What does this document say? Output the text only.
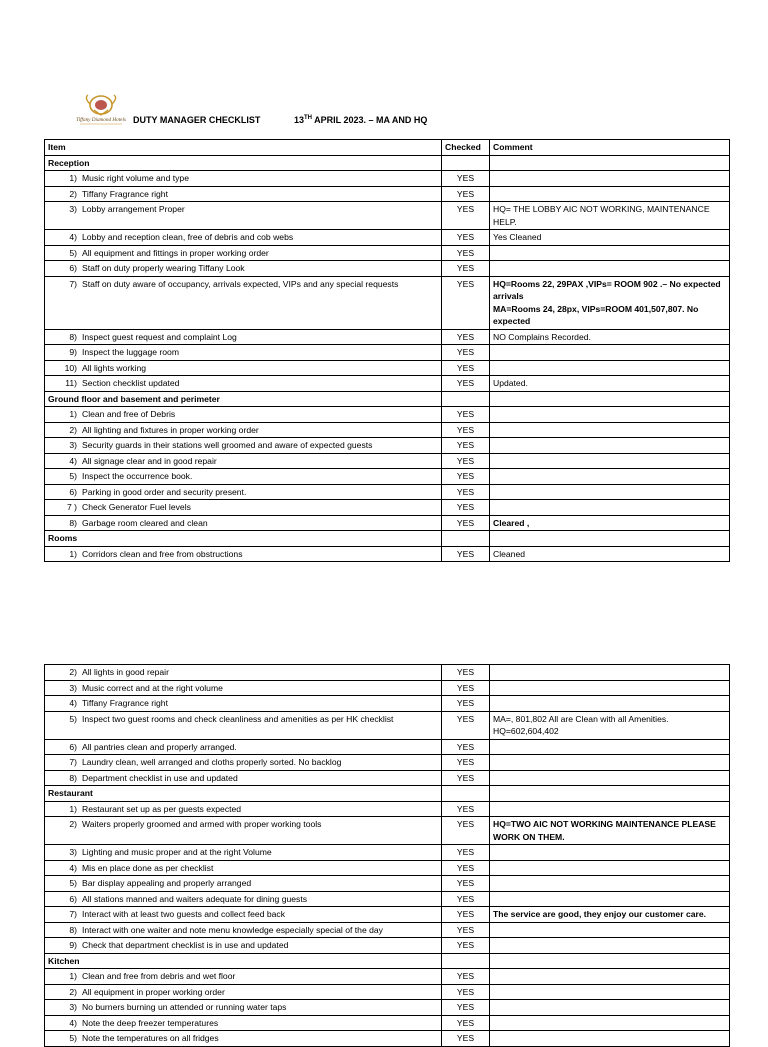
Tiffany Diamond Hotels DUTY MANAGER CHECKLIST	13TH APRIL 2023. – MA AND HQ
Item	Checked	Comment
Reception		
1) Music right volume and type	YES	
2) Tiffany Fragrance right	YES	
3) Lobby arrangement Proper	YES	HQ= THE LOBBY AIC NOT WORKING, MAINTENANCE HELP.
4) Lobby and reception clean, free of debris and cob webs	YES	Yes Cleaned
5) All equipment and fittings in proper working order	YES	
6) Staff on duty properly wearing Tiffany Look	YES	
7) Staff on duty aware of occupancy, arrivals expected, VIPs and any special requests	YES	HQ=Rooms 22, 29PAX ,VIPs= ROOM 902 .– No expected arrivals
MA=Rooms 24, 28px, VIPs=ROOM 401,507,807. No expected
8) Inspect guest request and complaint Log	YES	NO Complains Recorded.
9) Inspect the luggage room	YES	
10) All lights working	YES	
11) Section checklist updated	YES	Updated.
Ground floor and basement and perimeter		
1) Clean and free of Debris	YES	
2) All lighting and fixtures in proper working order	YES	
3) Security guards in their stations well groomed and aware of expected guests	YES	
4) All signage clear and in good repair	YES	
5) Inspect the occurrence book.	YES	
6) Parking in good order and security present.	YES	
7 ) Check Generator Fuel levels	YES	
8) Garbage room cleared and clean	YES	Cleared ,
Rooms		
1) Corridors clean and free from obstructions	YES	Cleaned
2) All lights in good repair	YES	
3) Music correct and at the right volume	YES	
4) Tiffany Fragrance right	YES	
5) Inspect two guest rooms and check cleanliness and amenities as per HK checklist	YES	MA=, 801,802 All are Clean with all Amenities.
HQ=602,604,402
6) All pantries clean and properly arranged.	YES	
7) Laundry clean, well arranged and cloths properly sorted. No backlog	YES	
8) Department checklist in use and updated	YES	
Restaurant		
1) Restaurant set up as per guests expected	YES	
2) Waiters properly groomed and armed with proper working tools	YES	HQ=TWO AIC NOT WORKING MAINTENANCE PLEASE WORK ON THEM.
3) Lighting and music proper and at the right Volume	YES	
4) Mis en place done as per checklist	YES	
5) Bar display appealing and properly arranged	YES	
6) All stations manned and waiters adequate for dining guests	YES	
7) Interact with at least two guests and collect feed back	YES	The service are good, they enjoy our customer care.
8) Interact with one waiter and note menu knowledge especially special of the day	YES	
9) Check that department checklist is in use and updated	YES	
Kitchen		
1) Clean and free from debris and wet floor	YES	
2) All equipment in proper working order	YES	
3) No burners burning un attended or running water taps	YES	
4) Note the deep freezer temperatures	YES	
5) Note the temperatures on all fridges	YES	
